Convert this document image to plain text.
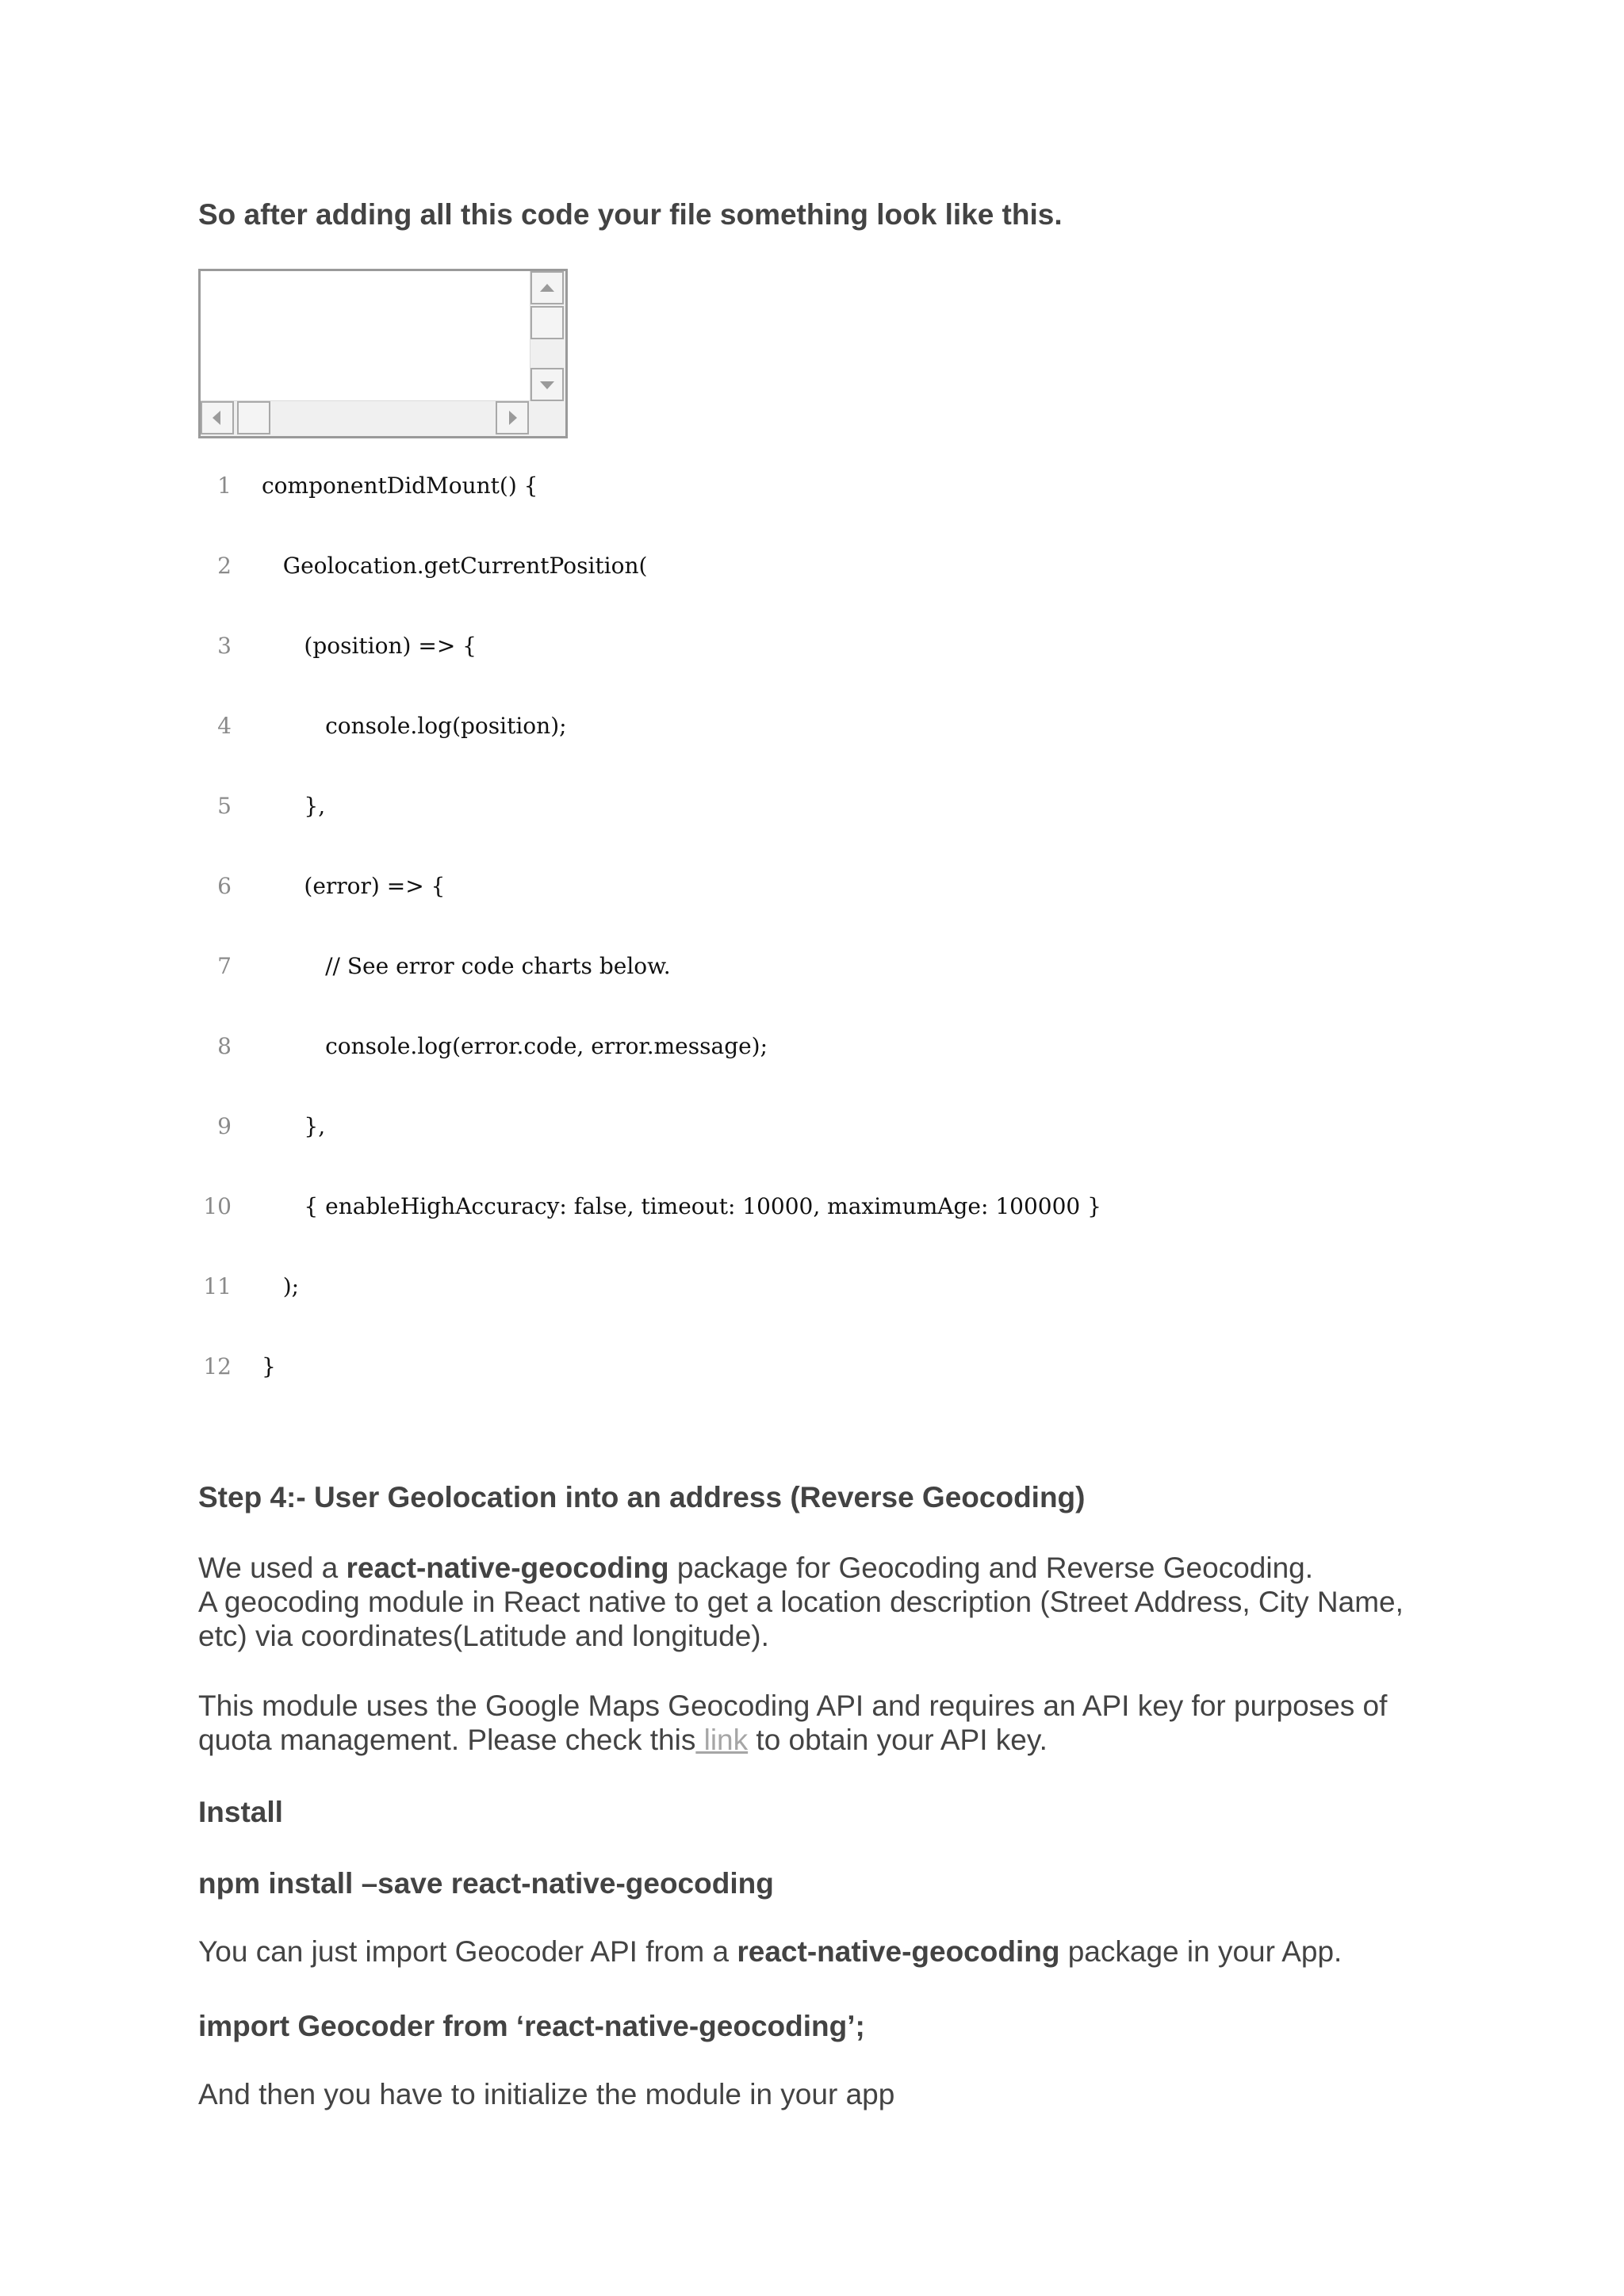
So after adding all this code your file something look like this.
1 componentDidMount() {
2 Geolocation.getCurrentPosition(
3 (position) => {
4 console.log(position);
5 },
6 (error) => {
7 // See error code charts below.
8 console.log(error.code, error.message);
9 },
10 { enableHighAccuracy: false, timeout: 10000, maximumAge: 100000 }
11 );
12 }
Step 4:- User Geolocation into an address (Reverse Geocoding)
We used a react-native-geocoding package for Geocoding and Reverse Geocoding.
A geocoding module in React native to get a location description (Street Address, City Name, etc) via coordinates(Latitude and longitude).
This module uses the Google Maps Geocoding API and requires an API key for purposes of quota management. Please check this link to obtain your API key.
Install
npm install –save react-native-geocoding
You can just import Geocoder API from a react-native-geocoding package in your App.
import Geocoder from ‘react-native-geocoding’;
And then you have to initialize the module in your app
